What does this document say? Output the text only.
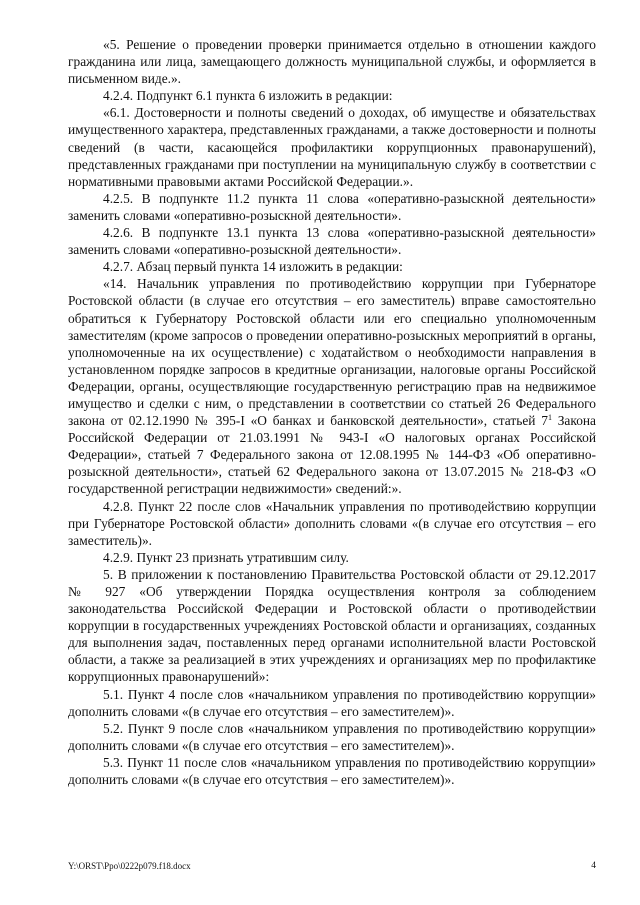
«5. Решение о проведении проверки принимается отдельно в отношении каждого гражданина или лица, замещающего должность муниципальной службы, и оформляется в письменном виде.».

4.2.4. Подпункт 6.1 пункта 6 изложить в редакции:

«6.1. Достоверности и полноты сведений о доходах, об имуществе и обязательствах имущественного характера, представленных гражданами, а также достоверности и полноты сведений (в части, касающейся профилактики коррупционных правонарушений), представленных гражданами при поступлении на муниципальную службу в соответствии с нормативными правовыми актами Российской Федерации.».

4.2.5. В подпункте 11.2 пункта 11 слова «оперативно-разыскной деятельности» заменить словами «оперативно-розыскной деятельности».

4.2.6. В подпункте 13.1 пункта 13 слова «оперативно-разыскной деятельности» заменить словами «оперативно-розыскной деятельности».

4.2.7. Абзац первый пункта 14 изложить в редакции:

«14. Начальник управления по противодействию коррупции при Губернаторе Ростовской области (в случае его отсутствия – его заместитель) вправе самостоятельно обратиться к Губернатору Ростовской области или его специально уполномоченным заместителям (кроме запросов о проведении оперативно-розыскных мероприятий в органы, уполномоченные на их осуществление) с ходатайством о необходимости направления в установленном порядке запросов в кредитные организации, налоговые органы Российской Федерации, органы, осуществляющие государственную регистрацию прав на недвижимое имущество и сделки с ним, о представлении в соответствии со статьей 26 Федерального закона от 02.12.1990 № 395-I «О банках и банковской деятельности», статьей $7^1$ Закона Российской Федерации от 21.03.1991 № 943-I «О налоговых органах Российской Федерации», статьей 7 Федерального закона от 12.08.1995 № 144-ФЗ «Об оперативно-розыскной деятельности», статьей 62 Федерального закона от 13.07.2015 № 218-ФЗ «О государственной регистрации недвижимости» сведений:».

4.2.8. Пункт 22 после слов «Начальник управления по противодействию коррупции при Губернаторе Ростовской области» дополнить словами «(в случае его отсутствия – его заместитель)».

4.2.9. Пункт 23 признать утратившим силу.

5. В приложении к постановлению Правительства Ростовской области от 29.12.2017 № 927 «Об утверждении Порядка осуществления контроля за соблюдением законодательства Российской Федерации и Ростовской области о противодействии коррупции в государственных учреждениях Ростовской области и организациях, созданных для выполнения задач, поставленных перед органами исполнительной власти Ростовской области, а также за реализацией в этих учреждениях и организациях мер по профилактике коррупционных правонарушений»:

5.1. Пункт 4 после слов «начальником управления по противодействию коррупции» дополнить словами «(в случае его отсутствия – его заместителем)».

5.2. Пункт 9 после слов «начальником управления по противодействию коррупции» дополнить словами «(в случае его отсутствия – его заместителем)».

5.3. Пункт 11 после слов «начальником управления по противодействию коррупции» дополнить словами «(в случае его отсутствия – его заместителем)».

Y:\ORST\Ppo\0222p079.f18.docx	4
